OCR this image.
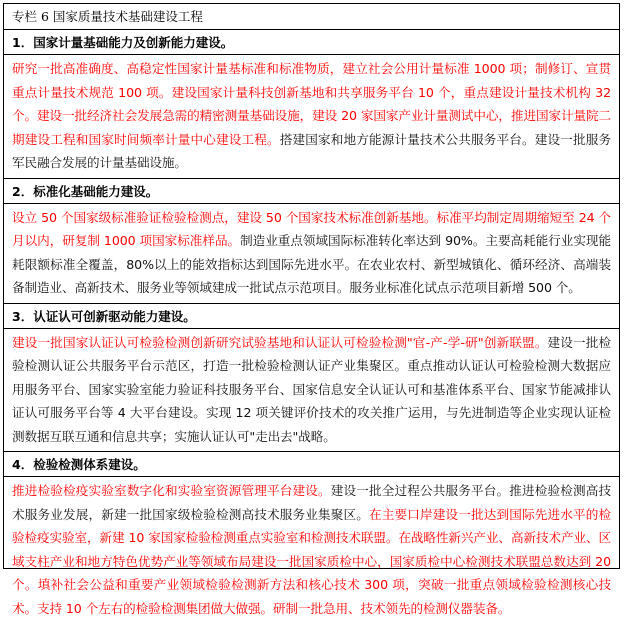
专栏 6 国家质量技术基础建设工程
1．国家计量基础能力及创新能力建设。
研究一批高准确度、高稳定性国家计量基标准和标准物质，建立社会公用计量标准 1000 项；制修订、宣贯重点计量技术规范 100 项。建设国家计量科技创新基地和共享服务平台 10 个，重点建设计量技术机构 32 个。建设一批经济社会发展急需的精密测量基础设施，建设 20 家国家产业计量测试中心，推进国家计量院二期建设工程和国家时间频率计量中心建设工程。搭建国家和地方能源计量技术公共服务平台。建设一批服务军民融合发展的计量基础设施。
2．标准化基础能力建设。
设立 50 个国家级标准验证检验检测点，建设 50 个国家技术标准创新基地。标准平均制定周期缩短至 24 个月以内，研复制 1000 项国家标准样品。制造业重点领域国际标准转化率达到 90%。主要高耗能行业实现能耗限额标准全覆盖，80%以上的能效指标达到国际先进水平。在农业农村、新型城镇化、循环经济、高端装备制造业、高新技术、服务业等领域建成一批试点示范项目。服务业标准化试点示范项目新增 500 个。
3．认证认可创新驱动能力建设。
建设一批国家认证认可检验检测创新研究试验基地和认证认可检验检测"官-产-学-研"创新联盟。建设一批检验检测认证公共服务平台示范区，打造一批检验检测认证产业集聚区。重点推动认证认可检验检测大数据应用服务平台、国家实验室能力验证科技服务平台、国家信息安全认证认可和基准体系平台、国家节能减排认证认可服务平台等 4 大平台建设。实现 12 项关键评价技术的攻关推广运用，与先进制造等企业实现认证检测数据互联互通和信息共享；实施认证认可"走出去"战略。
4．检验检测体系建设。
推进检验检疫实验室数字化和实验室资源管理平台建设。建设一批全过程公共服务平台。推进检验检测高技术服务业发展，新建一批国家级检验检测高技术服务业集聚区。在主要口岸建设一批达到国际先进水平的检验检疫实验室，新建 10 家国家检验检测重点实验室和检测技术联盟。在战略性新兴产业、高新技术产业、区域支柱产业和地方特色优势产业等领域布局建设一批国家质检中心，国家质检中心检测技术联盟总数达到 20 个。填补社会公益和重要产业领域检验检测新方法和核心技术 300 项，突破一批重点领域检验检测核心技术。支持 10 个左右的检验检测集团做大做强。研制一批急用、技术领先的检测仪器装备。
